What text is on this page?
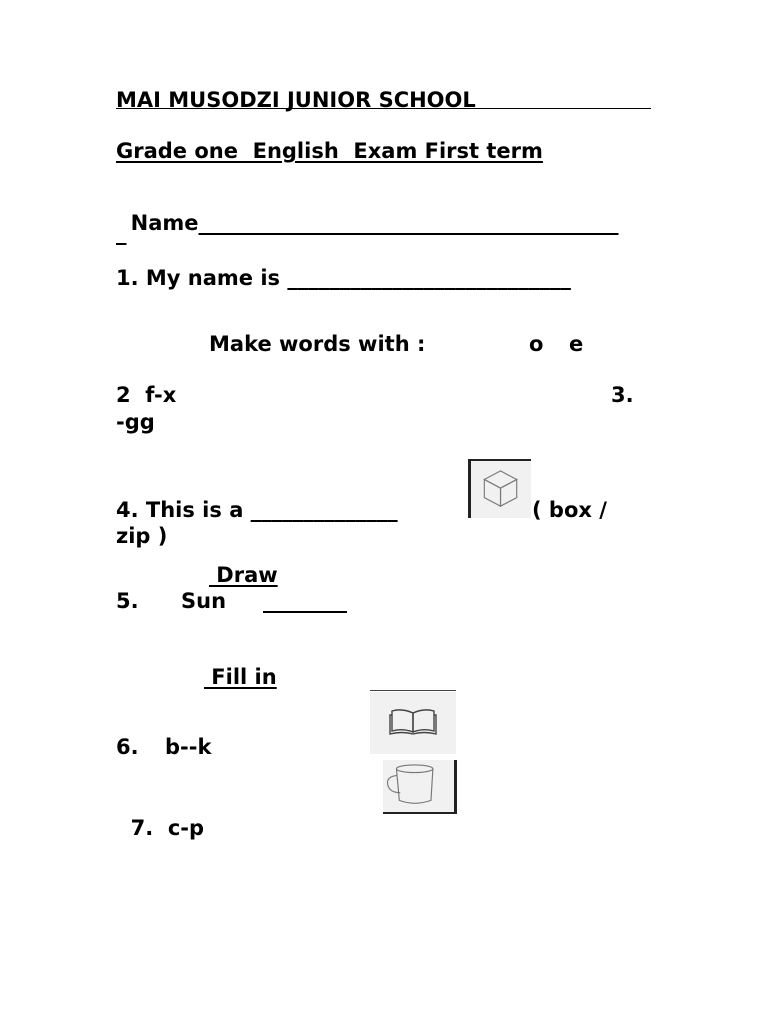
MAI MUSODZI JUNIOR SCHOOL
Grade one  English  Exam First term

Name________________________________________

_
1. My name is ___________________________
Make words with :	o e
2  f-x	3.
-gg
4. This is a ______________	( box /
zip )
Draw
5. Sun ________
Fill in
6. b--k

7. c-p
